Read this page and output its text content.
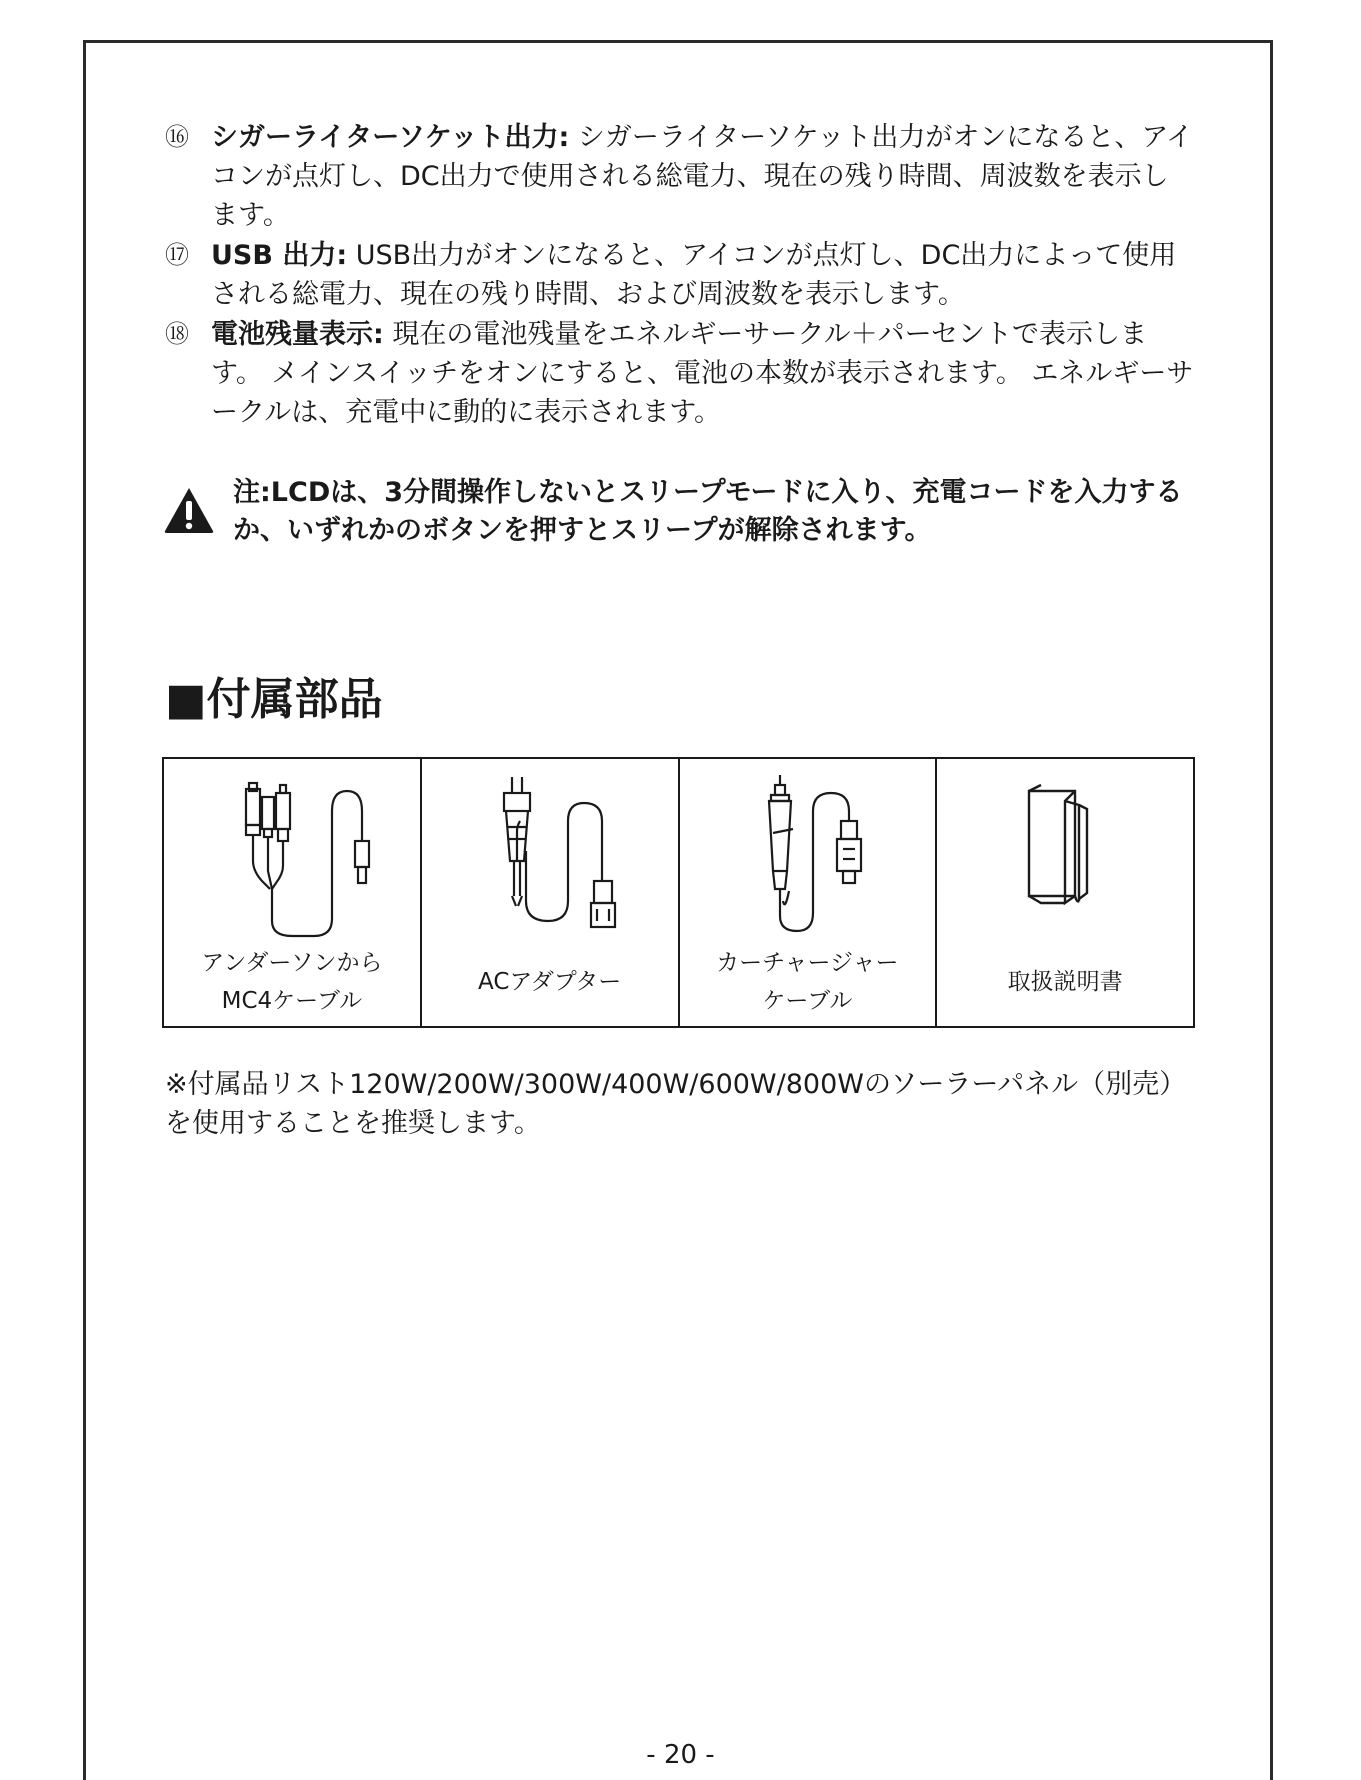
⑯ シガーライターソケット出力: シガーライターソケット出力がオンになると、アイコンが点灯し、DC出力で使用される総電力、現在の残り時間、周波数を表示します。
⑰ USB 出力: USB出力がオンになると、アイコンが点灯し、DC出力によって使用される総電力、現在の残り時間、および周波数を表示します。
⑱ 電池残量表示: 現在の電池残量をエネルギーサークル＋パーセントで表示します。 メインスイッチをオンにすると、電池の本数が表示されます。 エネルギーサークルは、充電中に動的に表示されます。
注:LCDは、3分間操作しないとスリープモードに入り、充電コードを入力するか、いずれかのボタンを押すとスリープが解除されます。
■付属部品
アンダーソンから
MC4ケーブル
ACアダプター
カーチャージャー
ケーブル
取扱説明書
※付属品リスト120W/200W/300W/400W/600W/800Wのソーラーパネル（別売）を使用することを推奨します。
- 20 -
